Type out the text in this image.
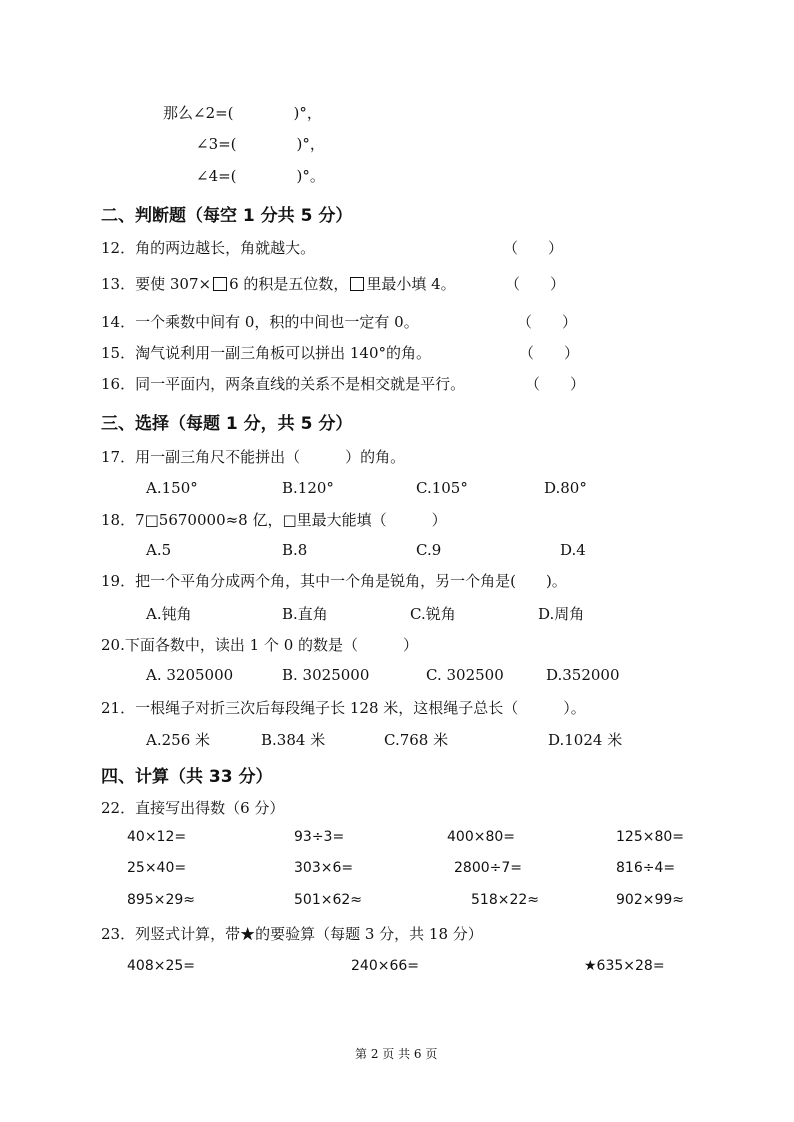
那么∠2=(　　　　)°，
∠3=(　　　　)°，
∠4=(　　　　)°。
二、判断题（每空 1 分共 5 分）
12．角的两边越长，角就越大。	（　　）
13．要使 307× 6 的积是五位数， 里最小填 4。	（　　）
14．一个乘数中间有 0，积的中间也一定有 0。	（　　）
15．淘气说利用一副三角板可以拼出 140°的角。	（　　）
16．同一平面内，两条直线的关系不是相交就是平行。	（　　）
三、选择（每题 1 分，共 5 分）
17．用一副三角尺不能拼出（　　　）的角。
A.150°	B.120°	C.105°	D.80°
18．7□5670000≈8 亿，□里最大能填（　　　）
A.5	B.8	C.9	D.4
19．把一个平角分成两个角，其中一个角是锐角，另一个角是(　　)。
A.钝角	B.直角	C.锐角	D.周角
20.下面各数中，读出 1 个 0 的数是（　　　）
A. 3205000	B. 3025000	C. 302500	D.352000
21．一根绳子对折三次后每段绳子长 128 米，这根绳子总长（　　　）。
A.256 米	B.384 米	C.768 米	D.1024 米
四、计算（共 33 分）
22．直接写出得数（6 分）
40×12=	93÷3=	400×80=	125×80=
25×40=	303×6=	2800÷7=	816÷4=
895×29≈	501×62≈	518×22≈	902×99≈
23．列竖式计算，带★的要验算（每题 3 分，共 18 分）
408×25=	240×66=	★635×28=
第 2 页 共 6 页
